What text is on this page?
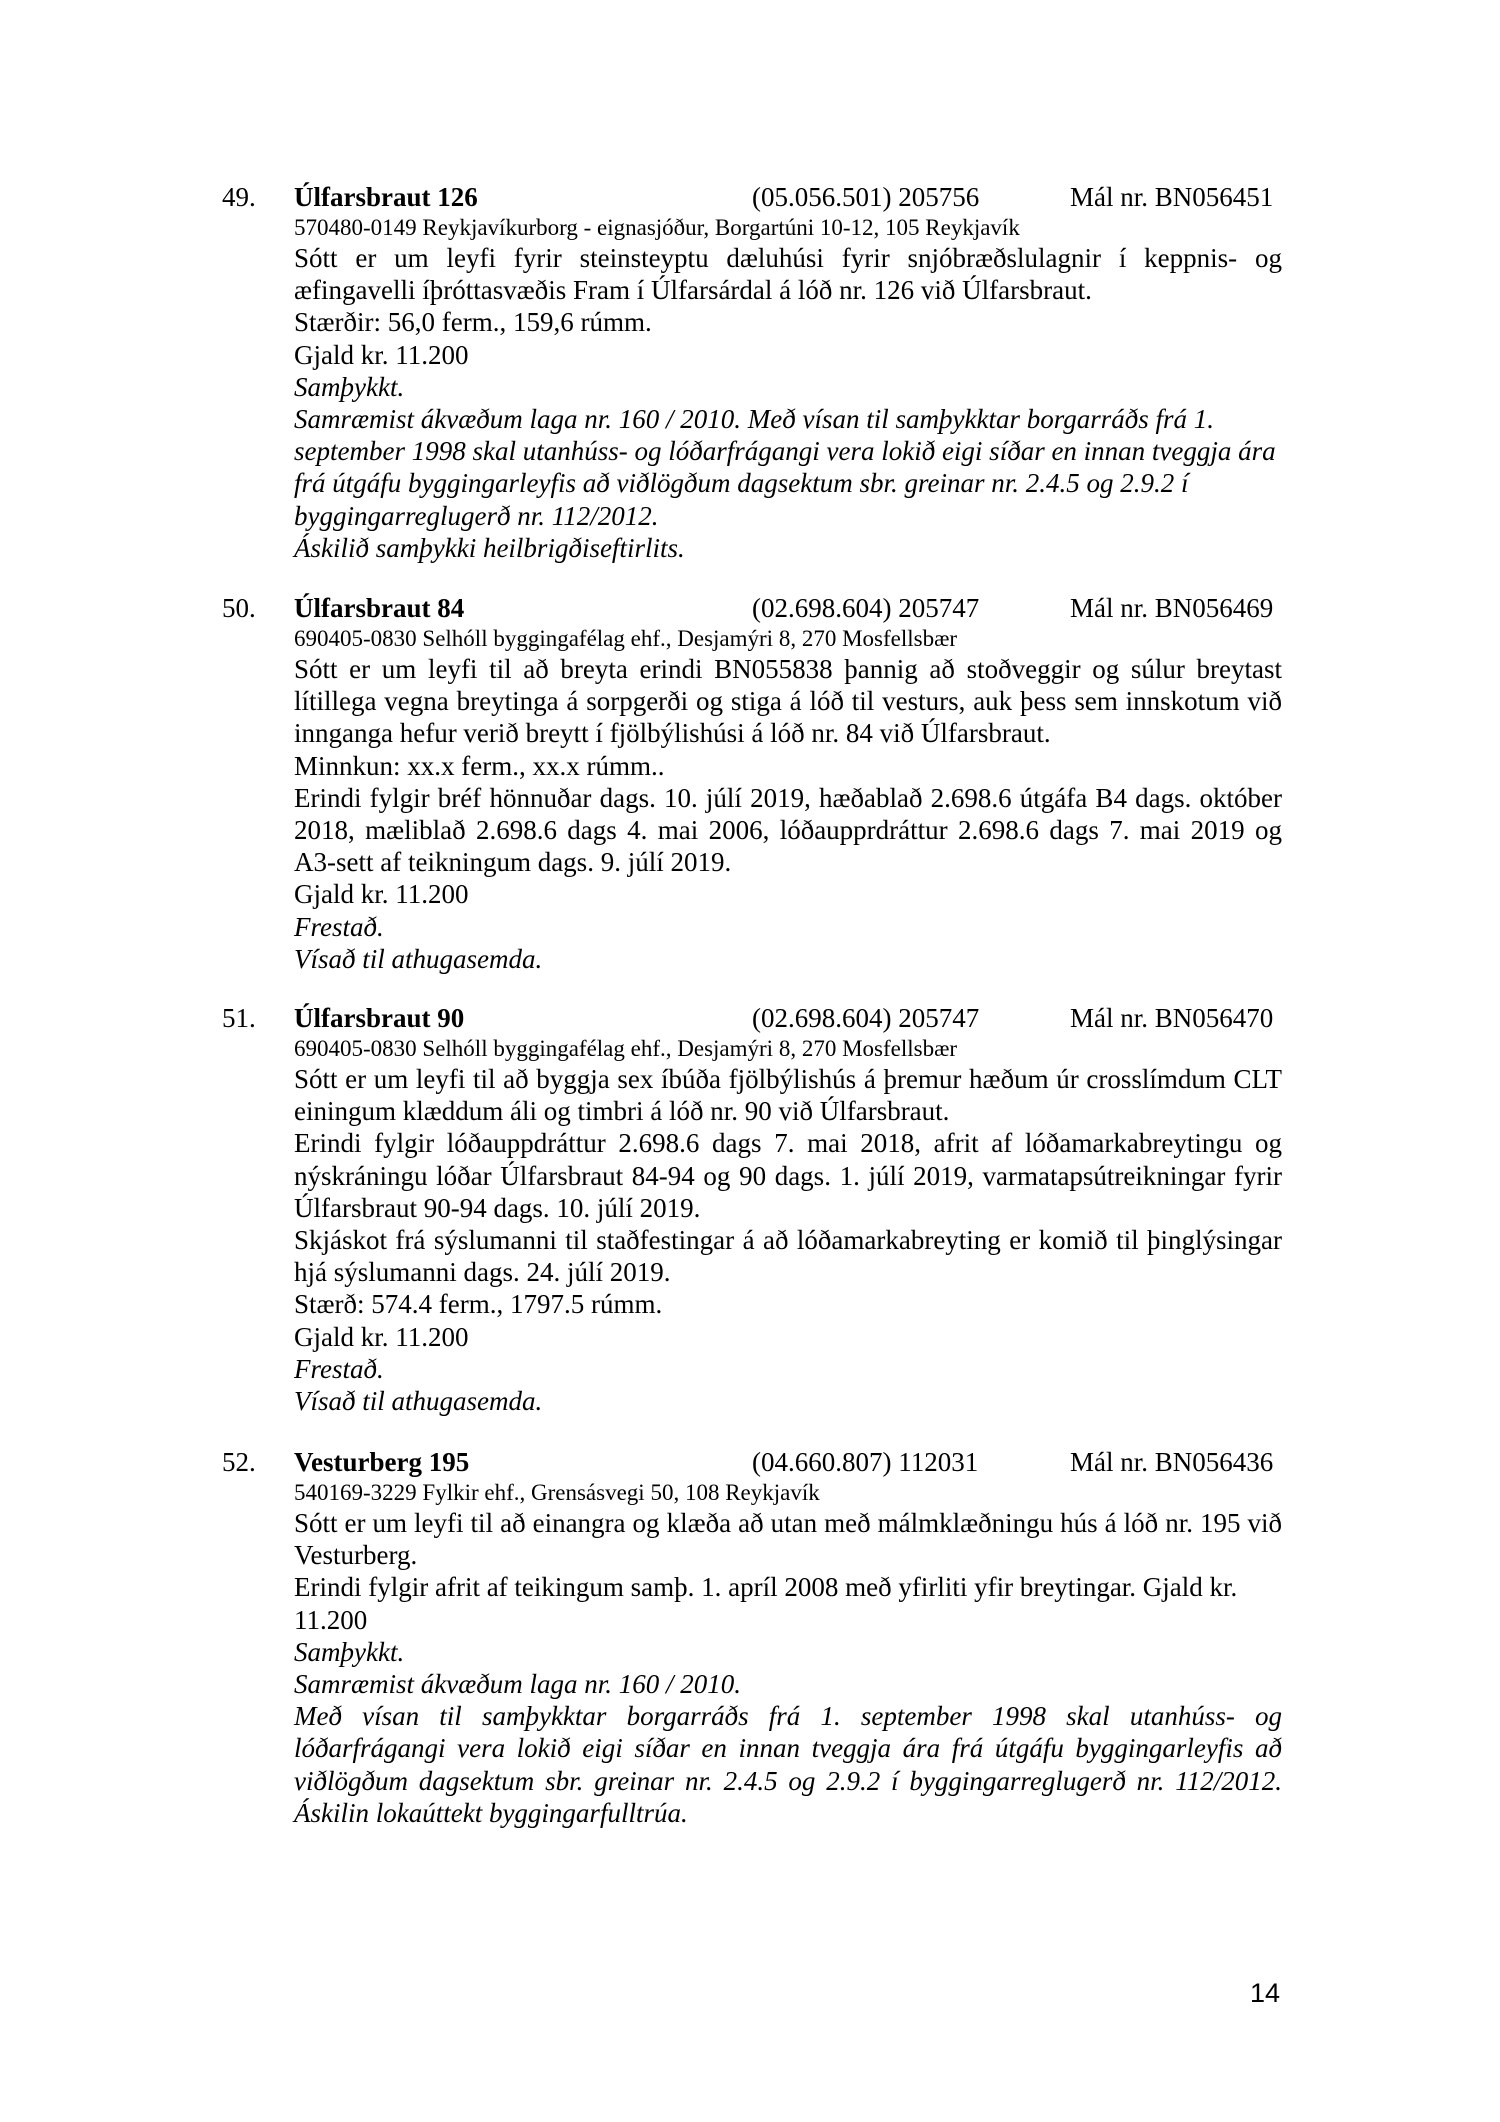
49. Úlfarsbraut 126	(05.056.501) 205756	Mál nr. BN056451
570480-0149 Reykjavíkurborg - eignasjóður, Borgartúni 10-12, 105 Reykjavík

Sótt er um leyfi fyrir steinsteyptu dæluhúsi fyrir snjóbræðslulagnir í keppnis- og æfingavelli íþróttasvæðis Fram í Úlfarsárdal á lóð nr. 126 við Úlfarsbraut.

Stærðir: 56,0 ferm., 159,6 rúmm.

Gjald kr. 11.200

Samþykkt.

Samræmist ákvæðum laga nr. 160 / 2010. Með vísan til samþykktar borgarráðs frá 1. september 1998 skal utanhúss- og lóðarfrágangi vera lokið eigi síðar en innan tveggja ára frá útgáfu byggingarleyfis að viðlögðum dagsektum sbr. greinar nr. 2.4.5 og 2.9.2 í byggingarreglugerð nr. 112/2012.

Áskilið samþykki heilbrigðiseftirlits.

50. Úlfarsbraut 84	(02.698.604) 205747	Mál nr. BN056469
690405-0830 Selhóll byggingafélag ehf., Desjamýri 8, 270 Mosfellsbær

Sótt er um leyfi til að breyta erindi BN055838 þannig að stoðveggir og súlur breytast lítillega vegna breytinga á sorpgerði og stiga á lóð til vesturs, auk þess sem innskotum við innganga hefur verið breytt í fjölbýlishúsi á lóð nr. 84 við Úlfarsbraut.

Minnkun: xx.x ferm., xx.x rúmm..

Erindi fylgir bréf hönnuðar dags. 10. júlí 2019, hæðablað 2.698.6 útgáfa B4 dags. október 2018, mæliblað 2.698.6 dags 4. mai 2006, lóðaupprdráttur 2.698.6 dags 7. mai 2019 og A3-sett af teikningum dags. 9. júlí 2019.

Gjald kr. 11.200

Frestað.

Vísað til athugasemda.

51. Úlfarsbraut 90	(02.698.604) 205747	Mál nr. BN056470
690405-0830 Selhóll byggingafélag ehf., Desjamýri 8, 270 Mosfellsbær

Sótt er um leyfi til að byggja sex íbúða fjölbýlishús á þremur hæðum úr crosslímdum CLT einingum klæddum áli og timbri á lóð nr. 90 við Úlfarsbraut.

Erindi fylgir lóðauppdráttur 2.698.6 dags 7. mai 2018, afrit af lóðamarkabreytingu og nýskráningu lóðar Úlfarsbraut 84-94 og 90 dags. 1. júlí 2019, varmatapsútreikningar fyrir Úlfarsbraut 90-94 dags. 10. júlí 2019.

Skjáskot frá sýslumanni til staðfestingar á að lóðamarkabreyting er komið til þinglýsingar hjá sýslumanni dags. 24. júlí 2019.

Stærð: 574.4 ferm., 1797.5 rúmm.

Gjald kr. 11.200

Frestað.

Vísað til athugasemda.

52. Vesturberg 195	(04.660.807) 112031	Mál nr. BN056436
540169-3229 Fylkir ehf., Grensásvegi 50, 108 Reykjavík

Sótt er um leyfi til að einangra og klæða að utan með málmklæðningu hús á lóð nr. 195 við Vesturberg.

Erindi fylgir afrit af teikingum samþ. 1. apríl 2008 með yfirliti yfir breytingar. Gjald kr. 11.200

Samþykkt.

Samræmist ákvæðum laga nr. 160 / 2010.

Með vísan til samþykktar borgarráðs frá 1. september 1998 skal utanhúss- og lóðarfrágangi vera lokið eigi síðar en innan tveggja ára frá útgáfu byggingarleyfis að viðlögðum dagsektum sbr. greinar nr. 2.4.5 og 2.9.2 í byggingarreglugerð nr. 112/2012. Áskilin lokaúttekt byggingarfulltrúa.

14
